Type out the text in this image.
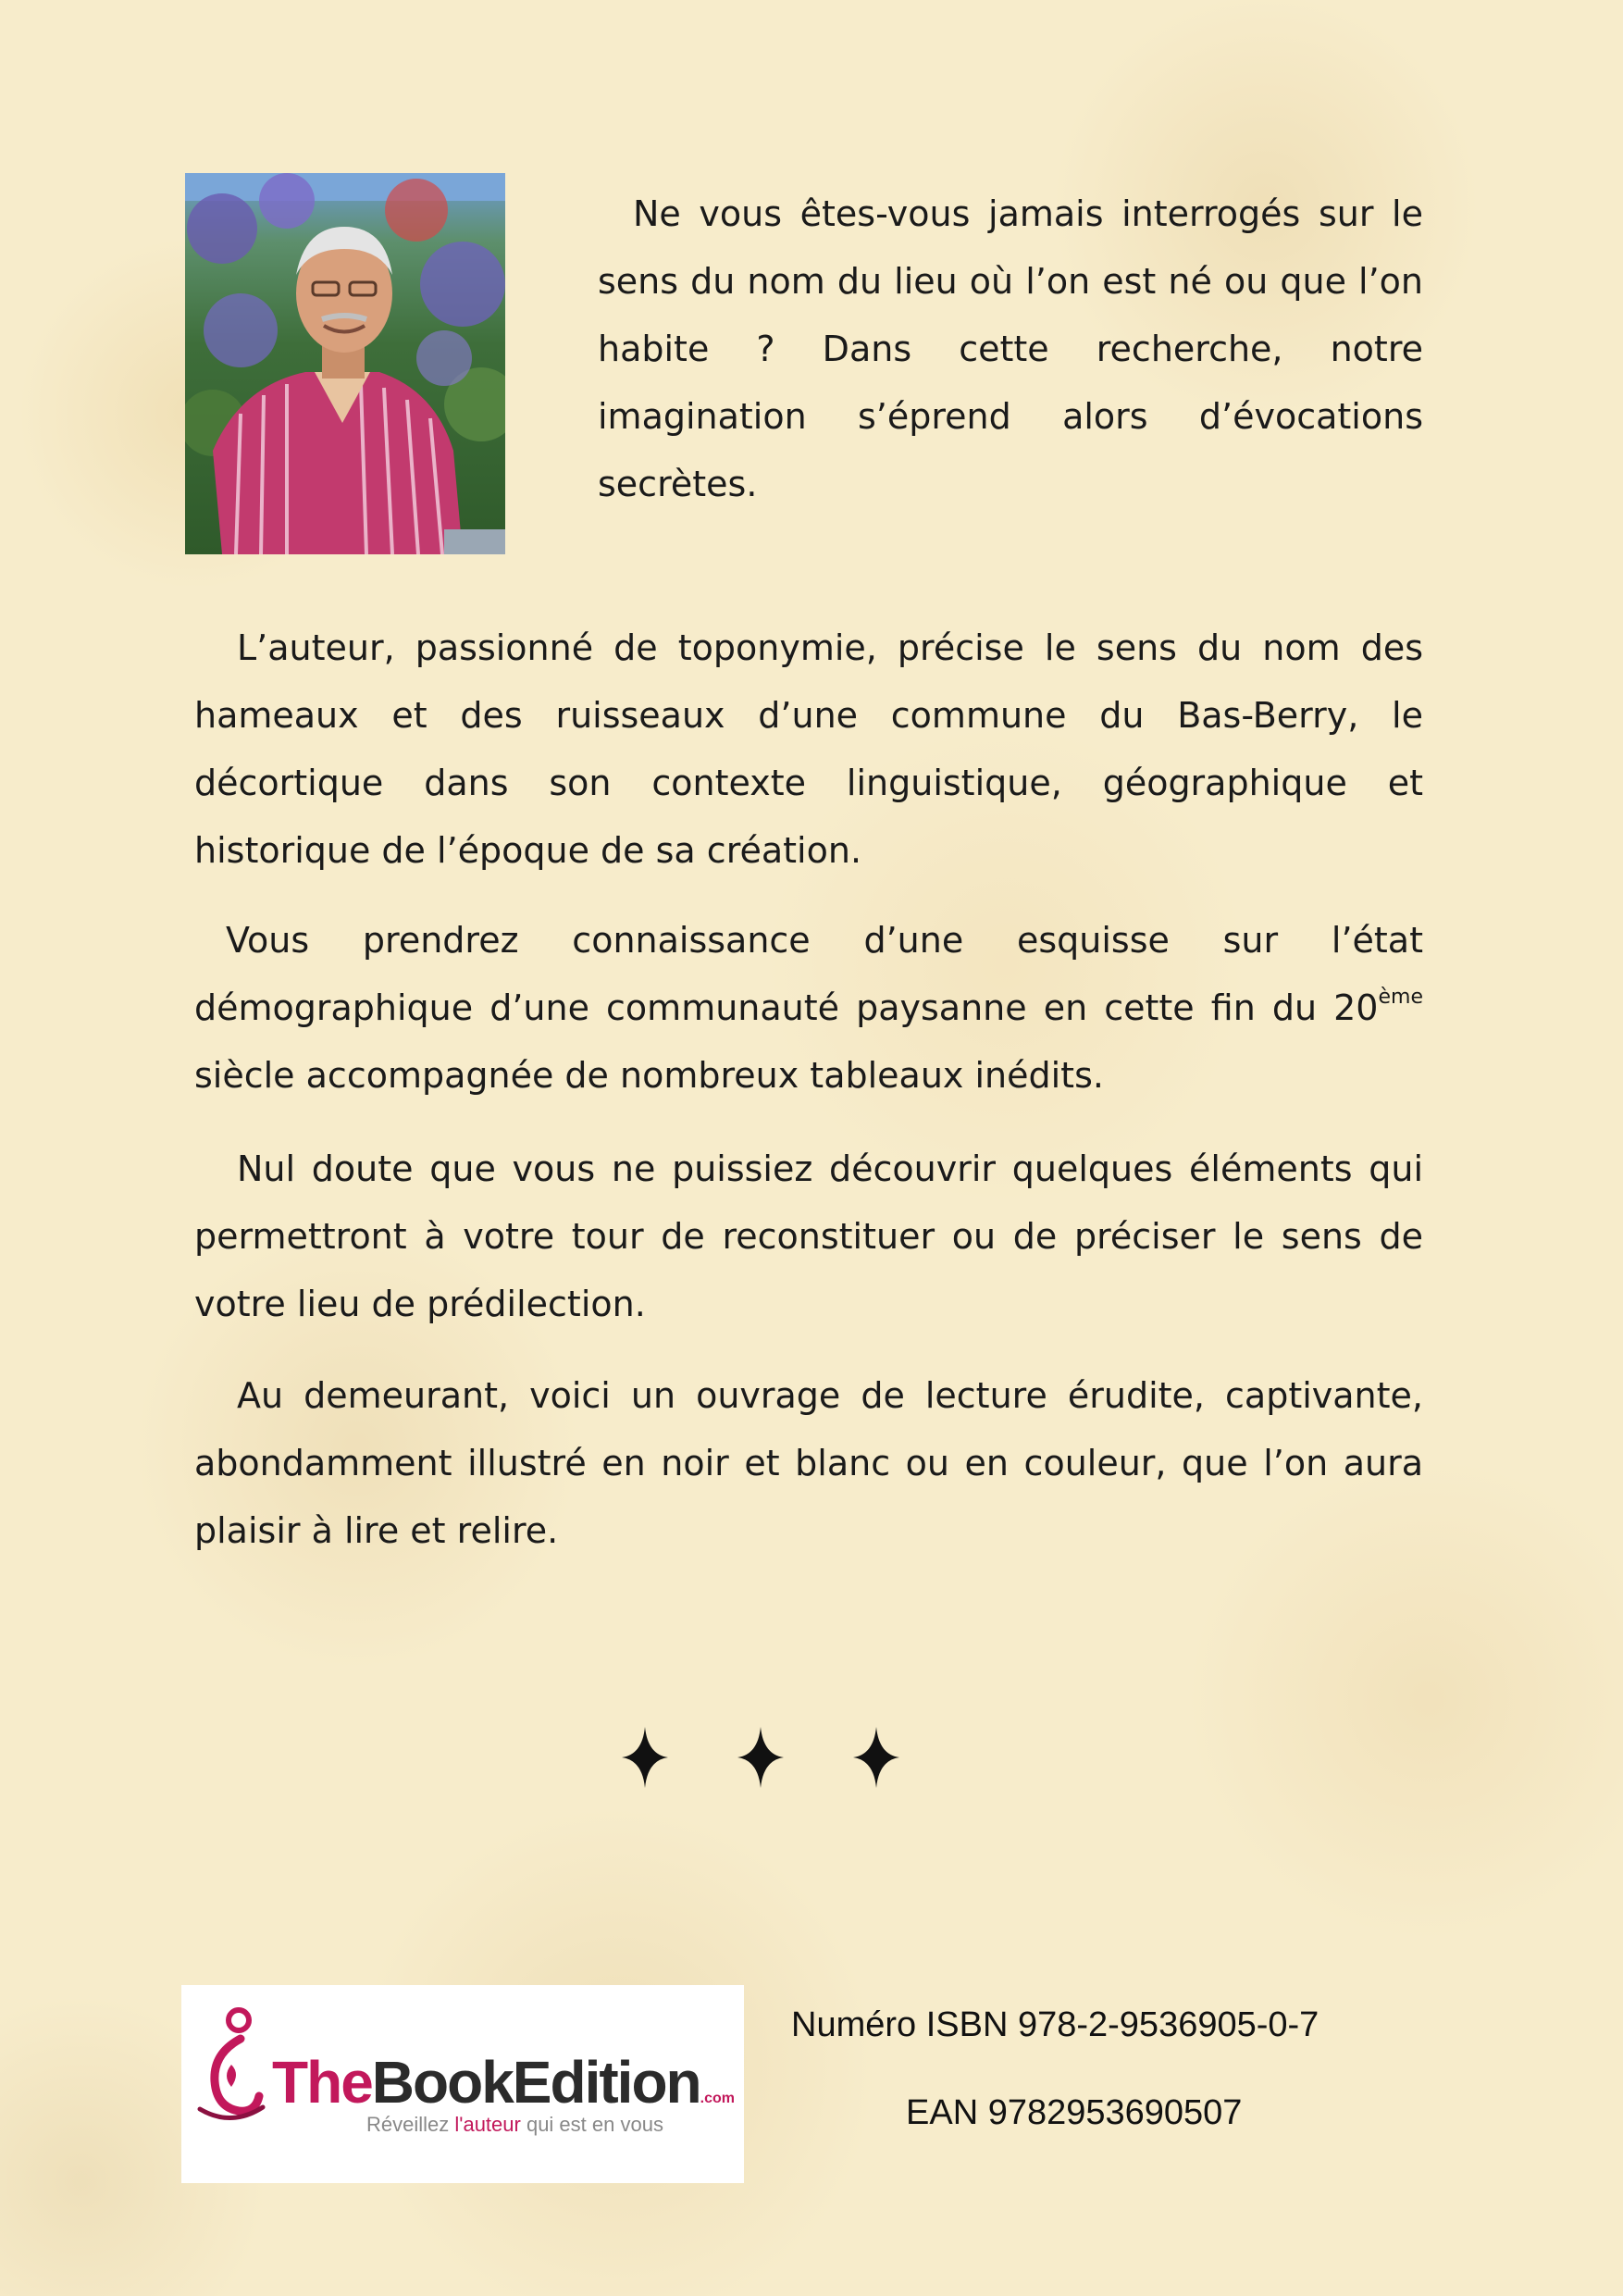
Ne vous êtes-vous jamais interrogés sur le sens du nom du lieu où l’on est né ou que l’on habite ? Dans cette recherche, notre imagination s’éprend alors d’évocations secrètes.

L’auteur, passionné de toponymie, précise le sens du nom des hameaux et des ruisseaux d’une commune du Bas-Berry, le décortique dans son contexte linguistique, géographique et historique de l’époque de sa création.

Vous prendrez connaissance d’une esquisse sur l’état démographique d’une communauté paysanne en cette fin du 20ème siècle accompagnée de nombreux tableaux inédits.

Nul doute que vous ne puissiez découvrir quelques éléments qui permettront à votre tour de reconstituer ou de préciser le sens de votre lieu de prédilection.

Au demeurant, voici un ouvrage de lecture érudite, captivante, abondamment illustré en noir et blanc ou en couleur, que l’on aura plaisir à lire et relire.

TheBookEdition.com
Réveillez l'auteur qui est en vous
Numéro ISBN 978-2-9536905-0-7
EAN 9782953690507
